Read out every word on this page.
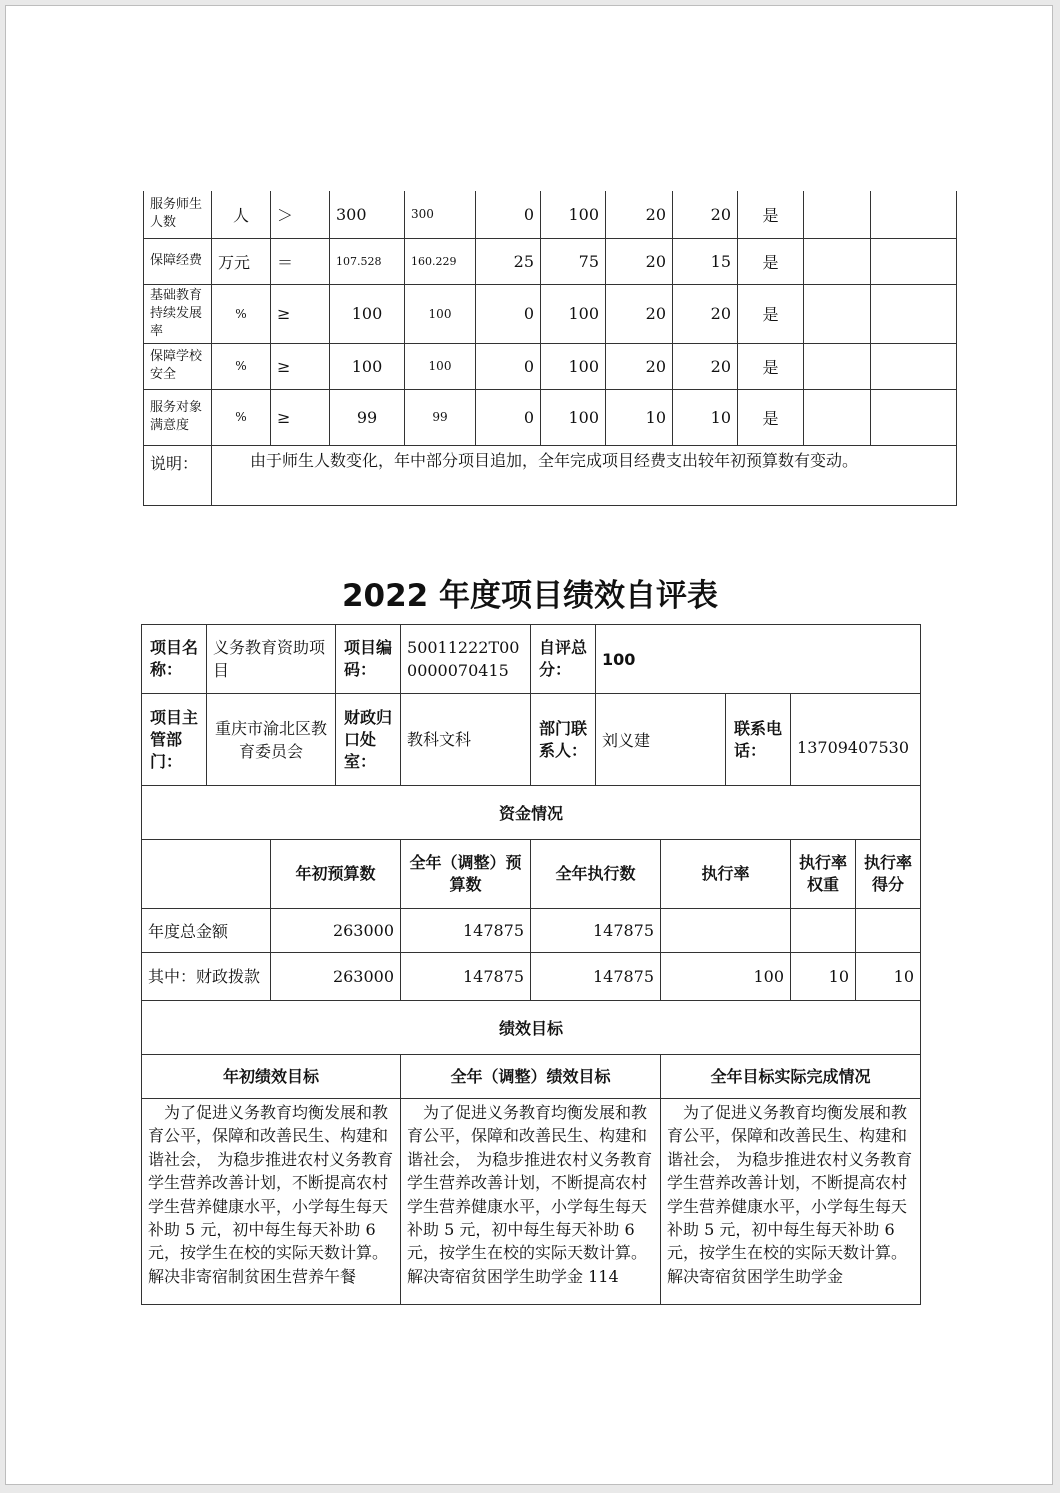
服务师生人数	人	＞	300	300	0	100	20	20	是		
保障经费	万元	＝	107.528	160.229	25	75	20	15	是		
基础教育持续发展率	%	≥	100	100	0	100	20	20	是		
保障学校安全	%	≥	100	100	0	100	20	20	是		
服务对象满意度	%	≥	99	99	0	100	10	10	是		
说明：	由于师生人数变化，年中部分项目追加，全年完成项目经费支出较年初预算数有变动。										
2022 年度项目绩效自评表
项目名称：	义务教育资助项目		项目编码：	50011222T000000070415	自评总分：	100				
项目主管部门：	重庆市渝北区教育委员会		财政归口处室：	教科文科	部门联系人：	刘义建		联系电话：	13709407530	
资金情况										
		年初预算数		全年（调整）预算数	全年执行数		执行率		执行率权重	执行率得分
年度总金额		263000		147875	147875					
其中：财政拨款		263000		147875	147875		100		10	10
绩效目标										
年初绩效目标				全年（调整）绩效目标			全年目标实际完成情况			
为了促进义务教育均衡发展和教育公平，保障和改善民生、构建和谐社会， 为稳步推进农村义务教育学生营养改善计划，不断提高农村学生营养健康水平，小学每生每天补助 5 元，初中每生每天补助 6 元，按学生在校的实际天数计算。解决非寄宿制贫困生营养午餐				为了促进义务教育均衡发展和教育公平，保障和改善民生、构建和谐社会， 为稳步推进农村义务教育学生营养改善计划，不断提高农村学生营养健康水平，小学每生每天补助 5 元，初中每生每天补助 6 元，按学生在校的实际天数计算。解决寄宿贫困学生助学金 114			为了促进义务教育均衡发展和教育公平，保障和改善民生、构建和谐社会， 为稳步推进农村义务教育学生营养改善计划，不断提高农村学生营养健康水平，小学每生每天补助 5 元，初中每生每天补助 6 元，按学生在校的实际天数计算。解决寄宿贫困学生助学金			
